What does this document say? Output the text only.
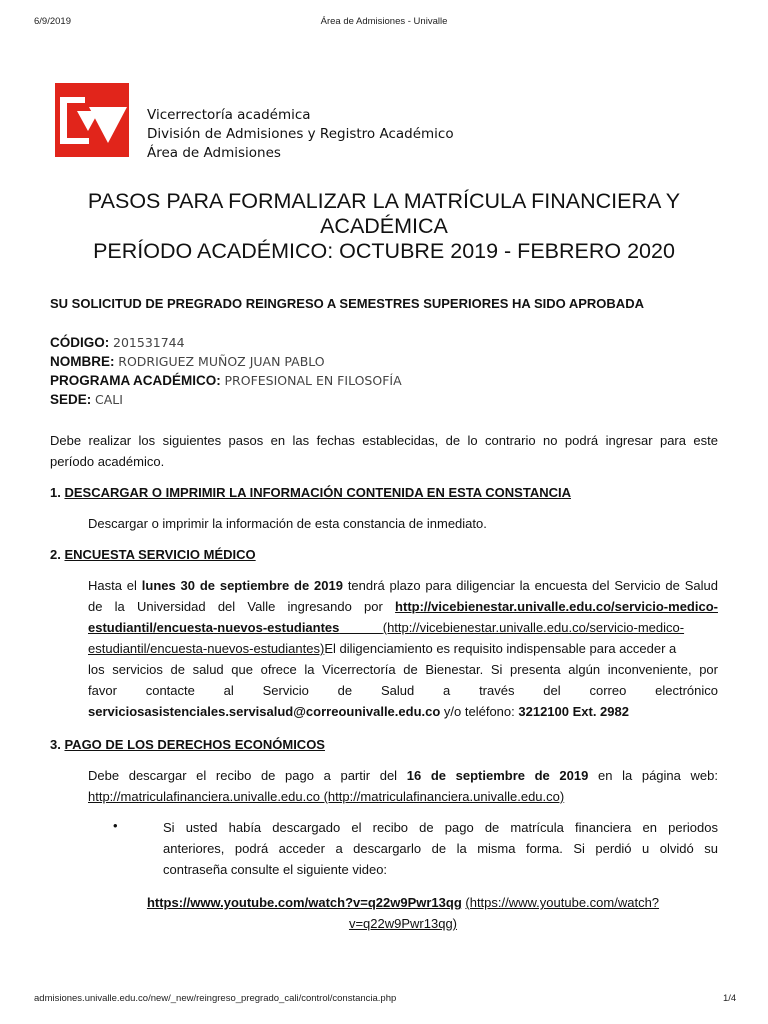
6/9/2019	Área de Admisiones - Univalle
Vicerrectoría académica
División de Admisiones y Registro Académico
Área de Admisiones
PASOS PARA FORMALIZAR LA MATRÍCULA FINANCIERA Y
ACADÉMICA
PERÍODO ACADÉMICO: OCTUBRE 2019 - FEBRERO 2020
SU SOLICITUD DE PREGRADO REINGRESO A SEMESTRES SUPERIORES HA SIDO APROBADA
CÓDIGO: 201531744
NOMBRE: RODRIGUEZ MUÑOZ JUAN PABLO
PROGRAMA ACADÉMICO: PROFESIONAL EN FILOSOFÍA
SEDE: CALI
Debe realizar los siguientes pasos en las fechas establecidas, de lo contrario no podrá ingresar para este
período académico.
1. DESCARGAR O IMPRIMIR LA INFORMACIÓN CONTENIDA EN ESTA CONSTANCIA
Descargar o imprimir la información de esta constancia de inmediato.
2. ENCUESTA SERVICIO MÉDICO
Hasta el lunes 30 de septiembre de 2019 tendrá plazo para diligenciar la encuesta del Servicio de Salud
de la Universidad del Valle ingresando por http://vicebienestar.univalle.edu.co/servicio-medico-
estudiantil/encuesta-nuevos-estudiantes	(http://vicebienestar.univalle.edu.co/servicio-medico-
estudiantil/encuesta-nuevos-estudiantes)El diligenciamiento es requisito indispensable para acceder a
los servicios de salud que ofrece la Vicerrectoría de Bienestar. Si presenta algún inconveniente, por
favor contacte al Servicio de Salud a través del correo electrónico
serviciosasistenciales.servisalud@correounivalle.edu.co y/o teléfono: 3212100 Ext. 2982
3. PAGO DE LOS DERECHOS ECONÓMICOS
Debe descargar el recibo de pago a partir del 16 de septiembre de 2019 en la página web:
http://matriculafinanciera.univalle.edu.co (http://matriculafinanciera.univalle.edu.co)
•	Si usted había descargado el recibo de pago de matrícula financiera en periodos
anteriores, podrá acceder a descargarlo de la misma forma. Si perdió u olvidó su
contraseña consulte el siguiente video:
https://www.youtube.com/watch?v=q22w9Pwr13qg (https://www.youtube.com/watch?
v=q22w9Pwr13qg)
admisiones.univalle.edu.co/new/_new/reingreso_pregrado_cali/control/constancia.php	1/4
